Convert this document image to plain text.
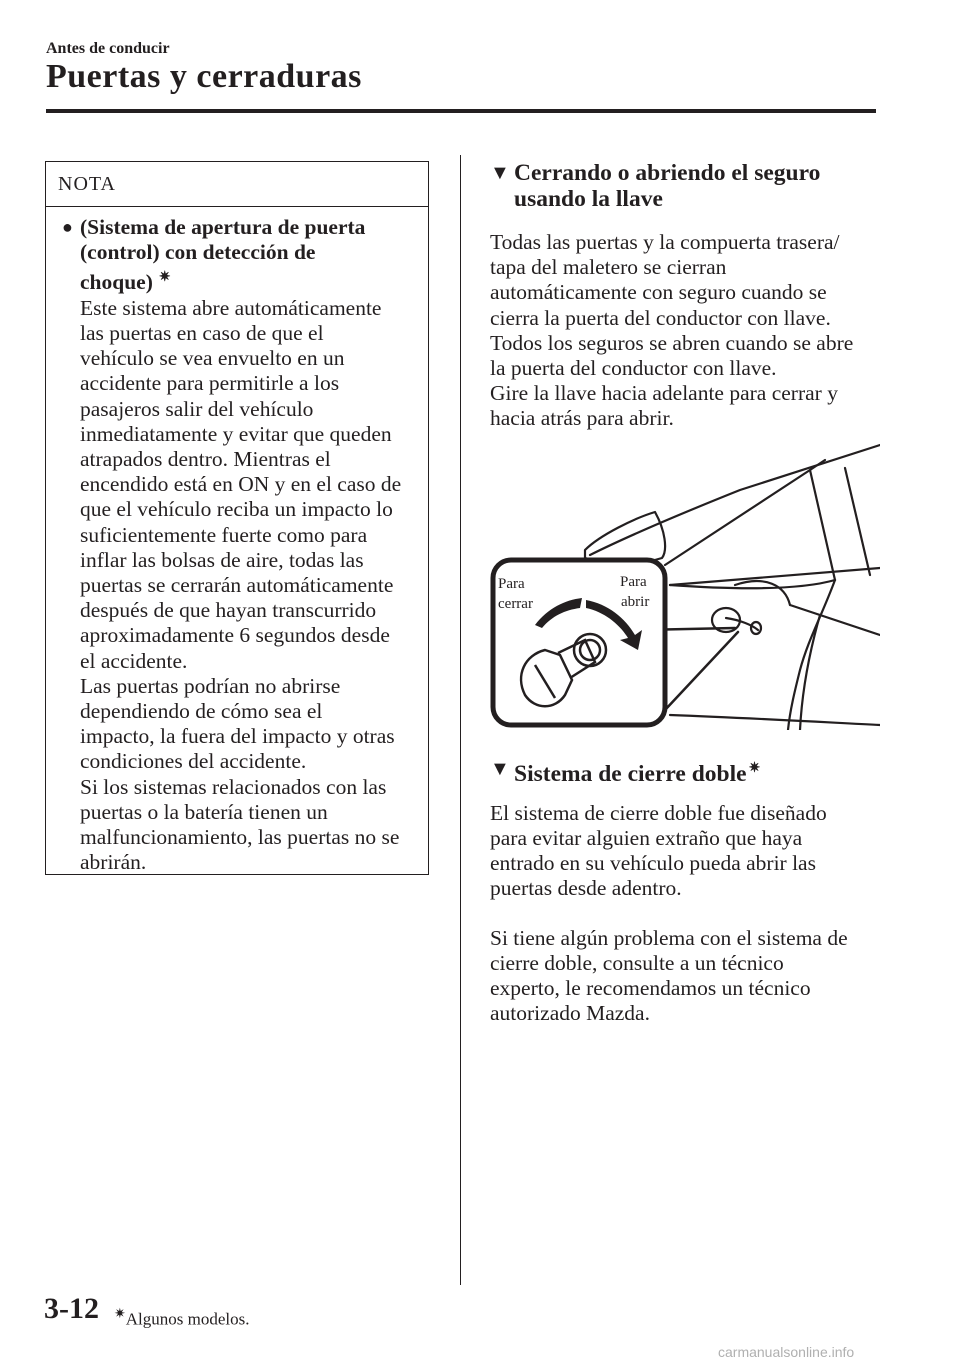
Antes de conducir
Puertas y cerraduras
NOTA
● (Sistema de apertura de puerta
(control) con detección de
choque) ✷
Este sistema abre automáticamente
las puertas en caso de que el
vehículo se vea envuelto en un
accidente para permitirle a los
pasajeros salir del vehículo
inmediatamente y evitar que queden
atrapados dentro. Mientras el
encendido está en ON y en el caso de
que el vehículo reciba un impacto lo
suficientemente fuerte como para
inflar las bolsas de aire, todas las
puertas se cerrarán automáticamente
después de que hayan transcurrido
aproximadamente 6 segundos desde
el accidente.
Las puertas podrían no abrirse
dependiendo de cómo sea el
impacto, la fuera del impacto y otras
condiciones del accidente.
Si los sistemas relacionados con las
puertas o la batería tienen un
malfuncionamiento, las puertas no se
abrirán.
▼ Cerrando o abriendo el seguro
usando la llave
Todas las puertas y la compuerta trasera/
tapa del maletero se cierran
automáticamente con seguro cuando se
cierra la puerta del conductor con llave.
Todos los seguros se abren cuando se abre
la puerta del conductor con llave.
Gire la llave hacia adelante para cerrar y
hacia atrás para abrir.
Para
cerrar
Para
abrir
▼ Sistema de cierre doble ✷
El sistema de cierre doble fue diseñado
para evitar alguien extraño que haya
entrado en su vehículo pueda abrir las
puertas desde adentro.
Si tiene algún problema con el sistema de
cierre doble, consulte a un técnico
experto, le recomendamos un técnico
autorizado Mazda.
3-12 ✷Algunos modelos.
carmanualsonline.info
